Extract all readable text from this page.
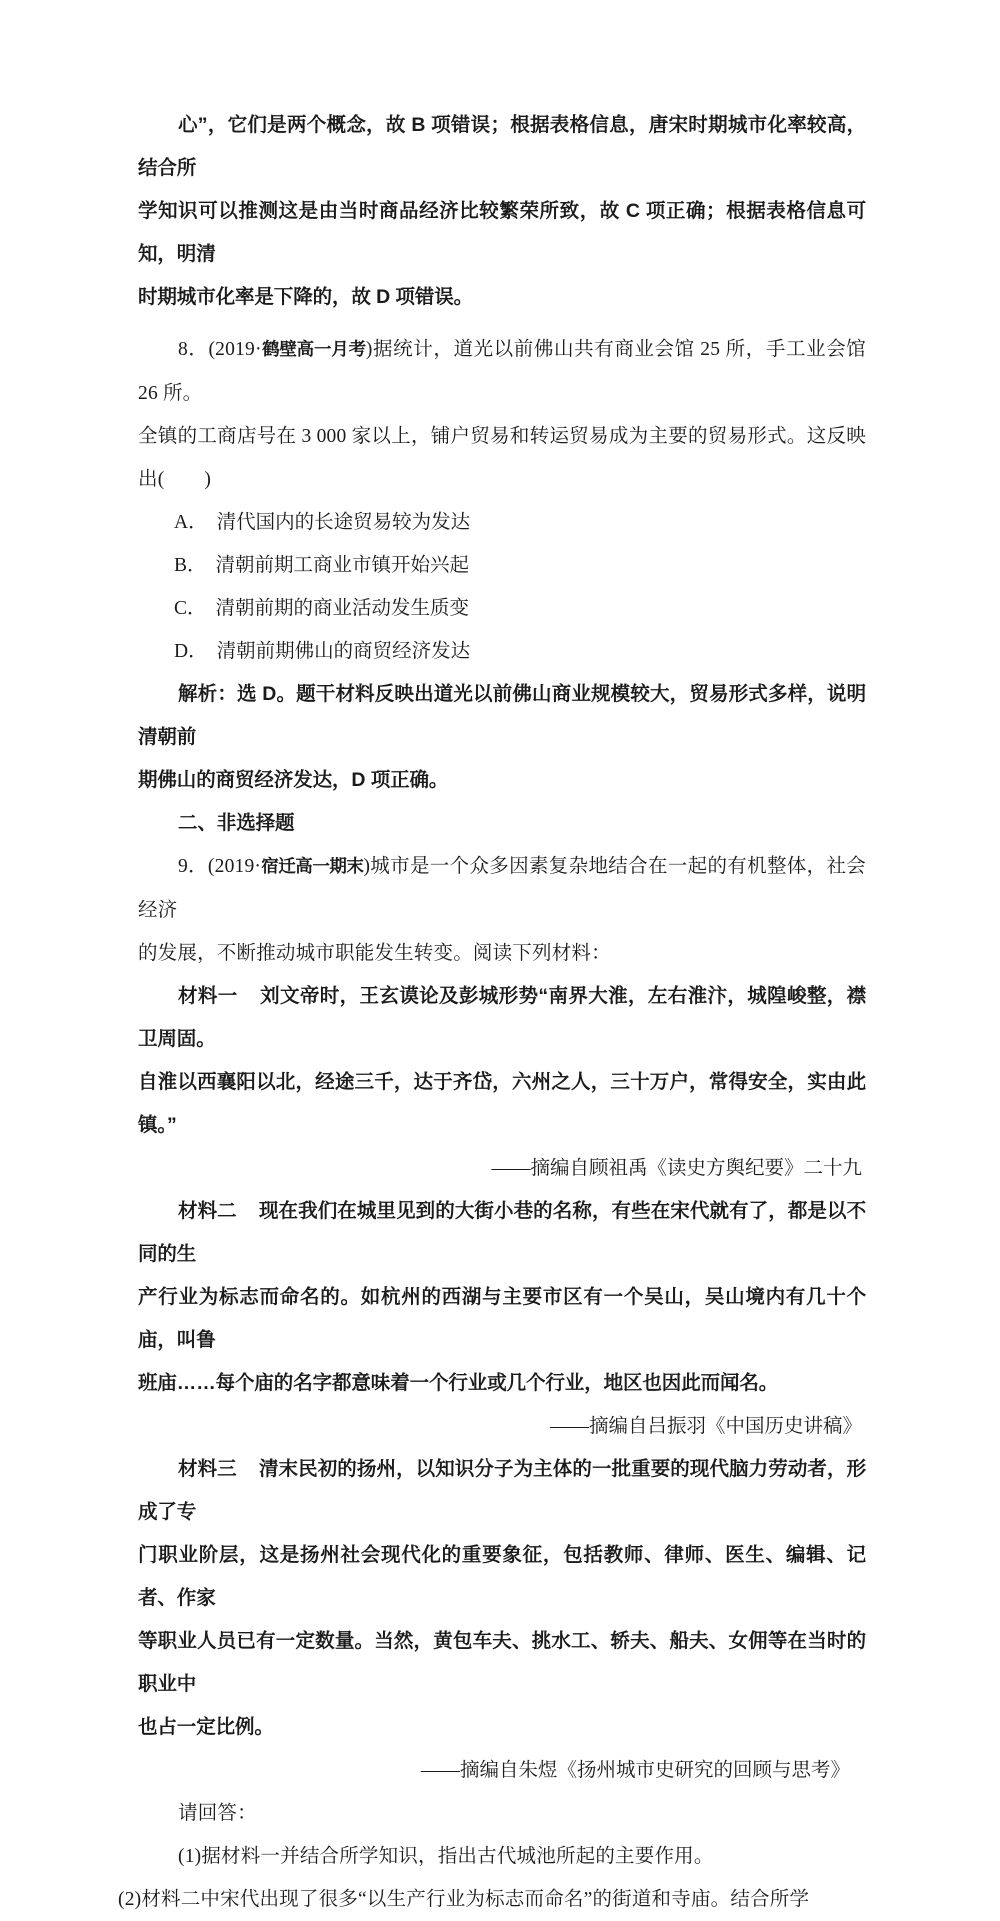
心”，它们是两个概念，故 B 项错误；根据表格信息，唐宋时期城市化率较高，结合所

学知识可以推测这是由当时商品经济比较繁荣所致，故 C 项正确；根据表格信息可知，明清

时期城市化率是下降的，故 D 项错误。

8．(2019·鹤壁高一月考)据统计，道光以前佛山共有商业会馆 25 所，手工业会馆 26 所。

全镇的工商店号在 3 000 家以上，铺户贸易和转运贸易成为主要的贸易形式。这反映出( )

A． 清代国内的长途贸易较为发达

B． 清朝前期工商业市镇开始兴起

C． 清朝前期的商业活动发生质变

D． 清朝前期佛山的商贸经济发达

解析：选 D。题干材料反映出道光以前佛山商业规模较大，贸易形式多样，说明清朝前

期佛山的商贸经济发达，D 项正确。

二、非选择题

9．(2019·宿迁高一期末)城市是一个众多因素复杂地结合在一起的有机整体，社会经济

的发展，不断推动城市职能发生转变。阅读下列材料：

材料一 刘文帝时，王玄谟论及彭城形势“南界大淮，左右淮汴，城隍峻整，襟卫周固。

自淮以西襄阳以北，经途三千，达于齐岱，六州之人，三十万户，常得安全，实由此镇。”

——摘编自顾祖禹《读史方舆纪要》二十九

材料二 现在我们在城里见到的大街小巷的名称，有些在宋代就有了，都是以不同的生

产行业为标志而命名的。如杭州的西湖与主要市区有一个吴山，吴山境内有几十个庙，叫鲁

班庙……每个庙的名字都意味着一个行业或几个行业，地区也因此而闻名。

——摘编自吕振羽《中国历史讲稿》

材料三 清末民初的扬州，以知识分子为主体的一批重要的现代脑力劳动者，形成了专

门职业阶层，这是扬州社会现代化的重要象征，包括教师、律师、医生、编辑、记者、作家

等职业人员已有一定数量。当然，黄包车夫、挑水工、轿夫、船夫、女佣等在当时的职业中

也占一定比例。

——摘编自朱煜《扬州城市史研究的回顾与思考》

请回答：

(1)据材料一并结合所学知识，指出古代城池所起的主要作用。

(2)材料二中宋代出现了很多“以生产行业为标志而命名”的街道和寺庙。结合所学
